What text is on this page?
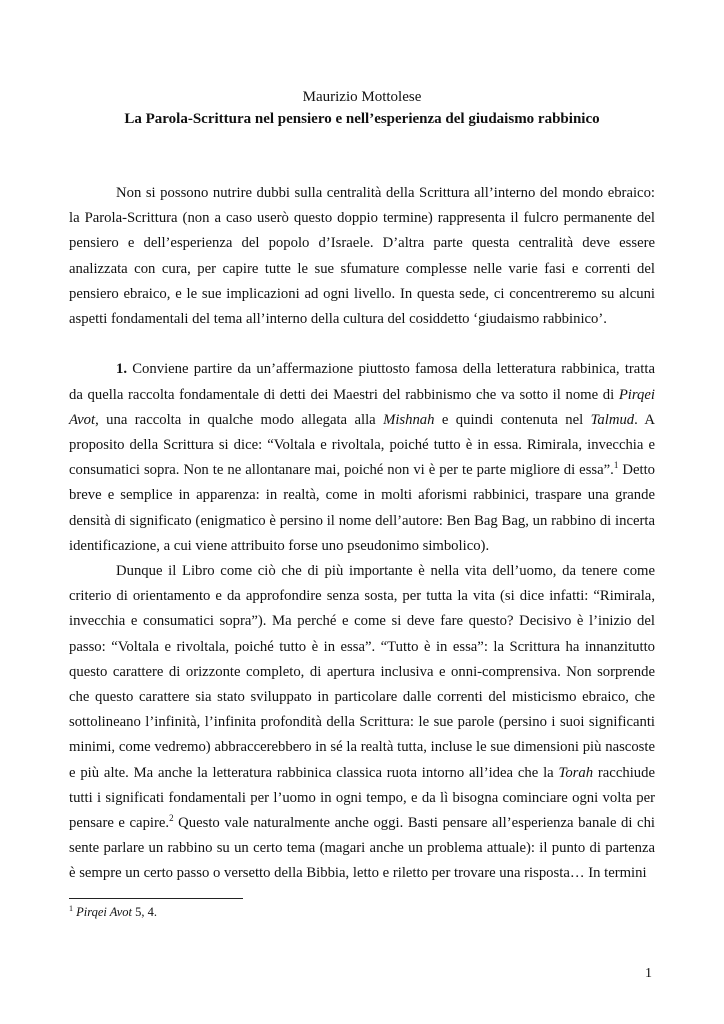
Maurizio Mottolese
La Parola-Scrittura nel pensiero e nell’esperienza del giudaismo rabbinico

Non si possono nutrire dubbi sulla centralità della Scrittura all’interno del mondo ebraico: la Parola-Scrittura (non a caso userò questo doppio termine) rappresenta il fulcro permanente del pensiero e dell’esperienza del popolo d’Israele. D’altra parte questa centralità deve essere analizzata con cura, per capire tutte le sue sfumature complesse nelle varie fasi e correnti del pensiero ebraico, e le sue implicazioni ad ogni livello. In questa sede, ci concentreremo su alcuni aspetti fondamentali del tema all’interno della cultura del cosiddetto ‘giudaismo rabbinico’.

1. Conviene partire da un’affermazione piuttosto famosa della letteratura rabbinica, tratta da quella raccolta fondamentale di detti dei Maestri del rabbinismo che va sotto il nome di Pirqei Avot, una raccolta in qualche modo allegata alla Mishnah e quindi contenuta nel Talmud. A proposito della Scrittura si dice: “Voltala e rivoltala, poiché tutto è in essa. Rimirala, invecchia e consumatici sopra. Non te ne allontanare mai, poiché non vi è per te parte migliore di essa”.$^1$ Detto breve e semplice in apparenza: in realtà, come in molti aforismi rabbinici, traspare una grande densità di significato (enigmatico è persino il nome dell’autore: Ben Bag Bag, un rabbino di incerta identificazione, a cui viene attribuito forse uno pseudonimo simbolico).

Dunque il Libro come ciò che di più importante è nella vita dell’uomo, da tenere come criterio di orientamento e da approfondire senza sosta, per tutta la vita (si dice infatti: “Rimirala, invecchia e consumatici sopra”). Ma perché e come si deve fare questo? Decisivo è l’inizio del passo: “Voltala e rivoltala, poiché tutto è in essa”. “Tutto è in essa”: la Scrittura ha innanzitutto questo carattere di orizzonte completo, di apertura inclusiva e onni-comprensiva. Non sorprende che questo carattere sia stato sviluppato in particolare dalle correnti del misticismo ebraico, che sottolineano l’infinità, l’infinita profondità della Scrittura: le sue parole (persino i suoi significanti minimi, come vedremo) abbraccerebbero in sé la realtà tutta, incluse le sue dimensioni più nascoste e più alte. Ma anche la letteratura rabbinica classica ruota intorno all’idea che la Torah racchiude tutti i significati fondamentali per l’uomo in ogni tempo, e da lì bisogna cominciare ogni volta per pensare e capire.$^2$ Questo vale naturalmente anche oggi. Basti pensare all’esperienza banale di chi sente parlare un rabbino su un certo tema (magari anche un problema attuale): il punto di partenza è sempre un certo passo o versetto della Bibbia, letto e riletto per trovare una risposta… In termini

$^1$ Pirqei Avot 5, 4.
1
